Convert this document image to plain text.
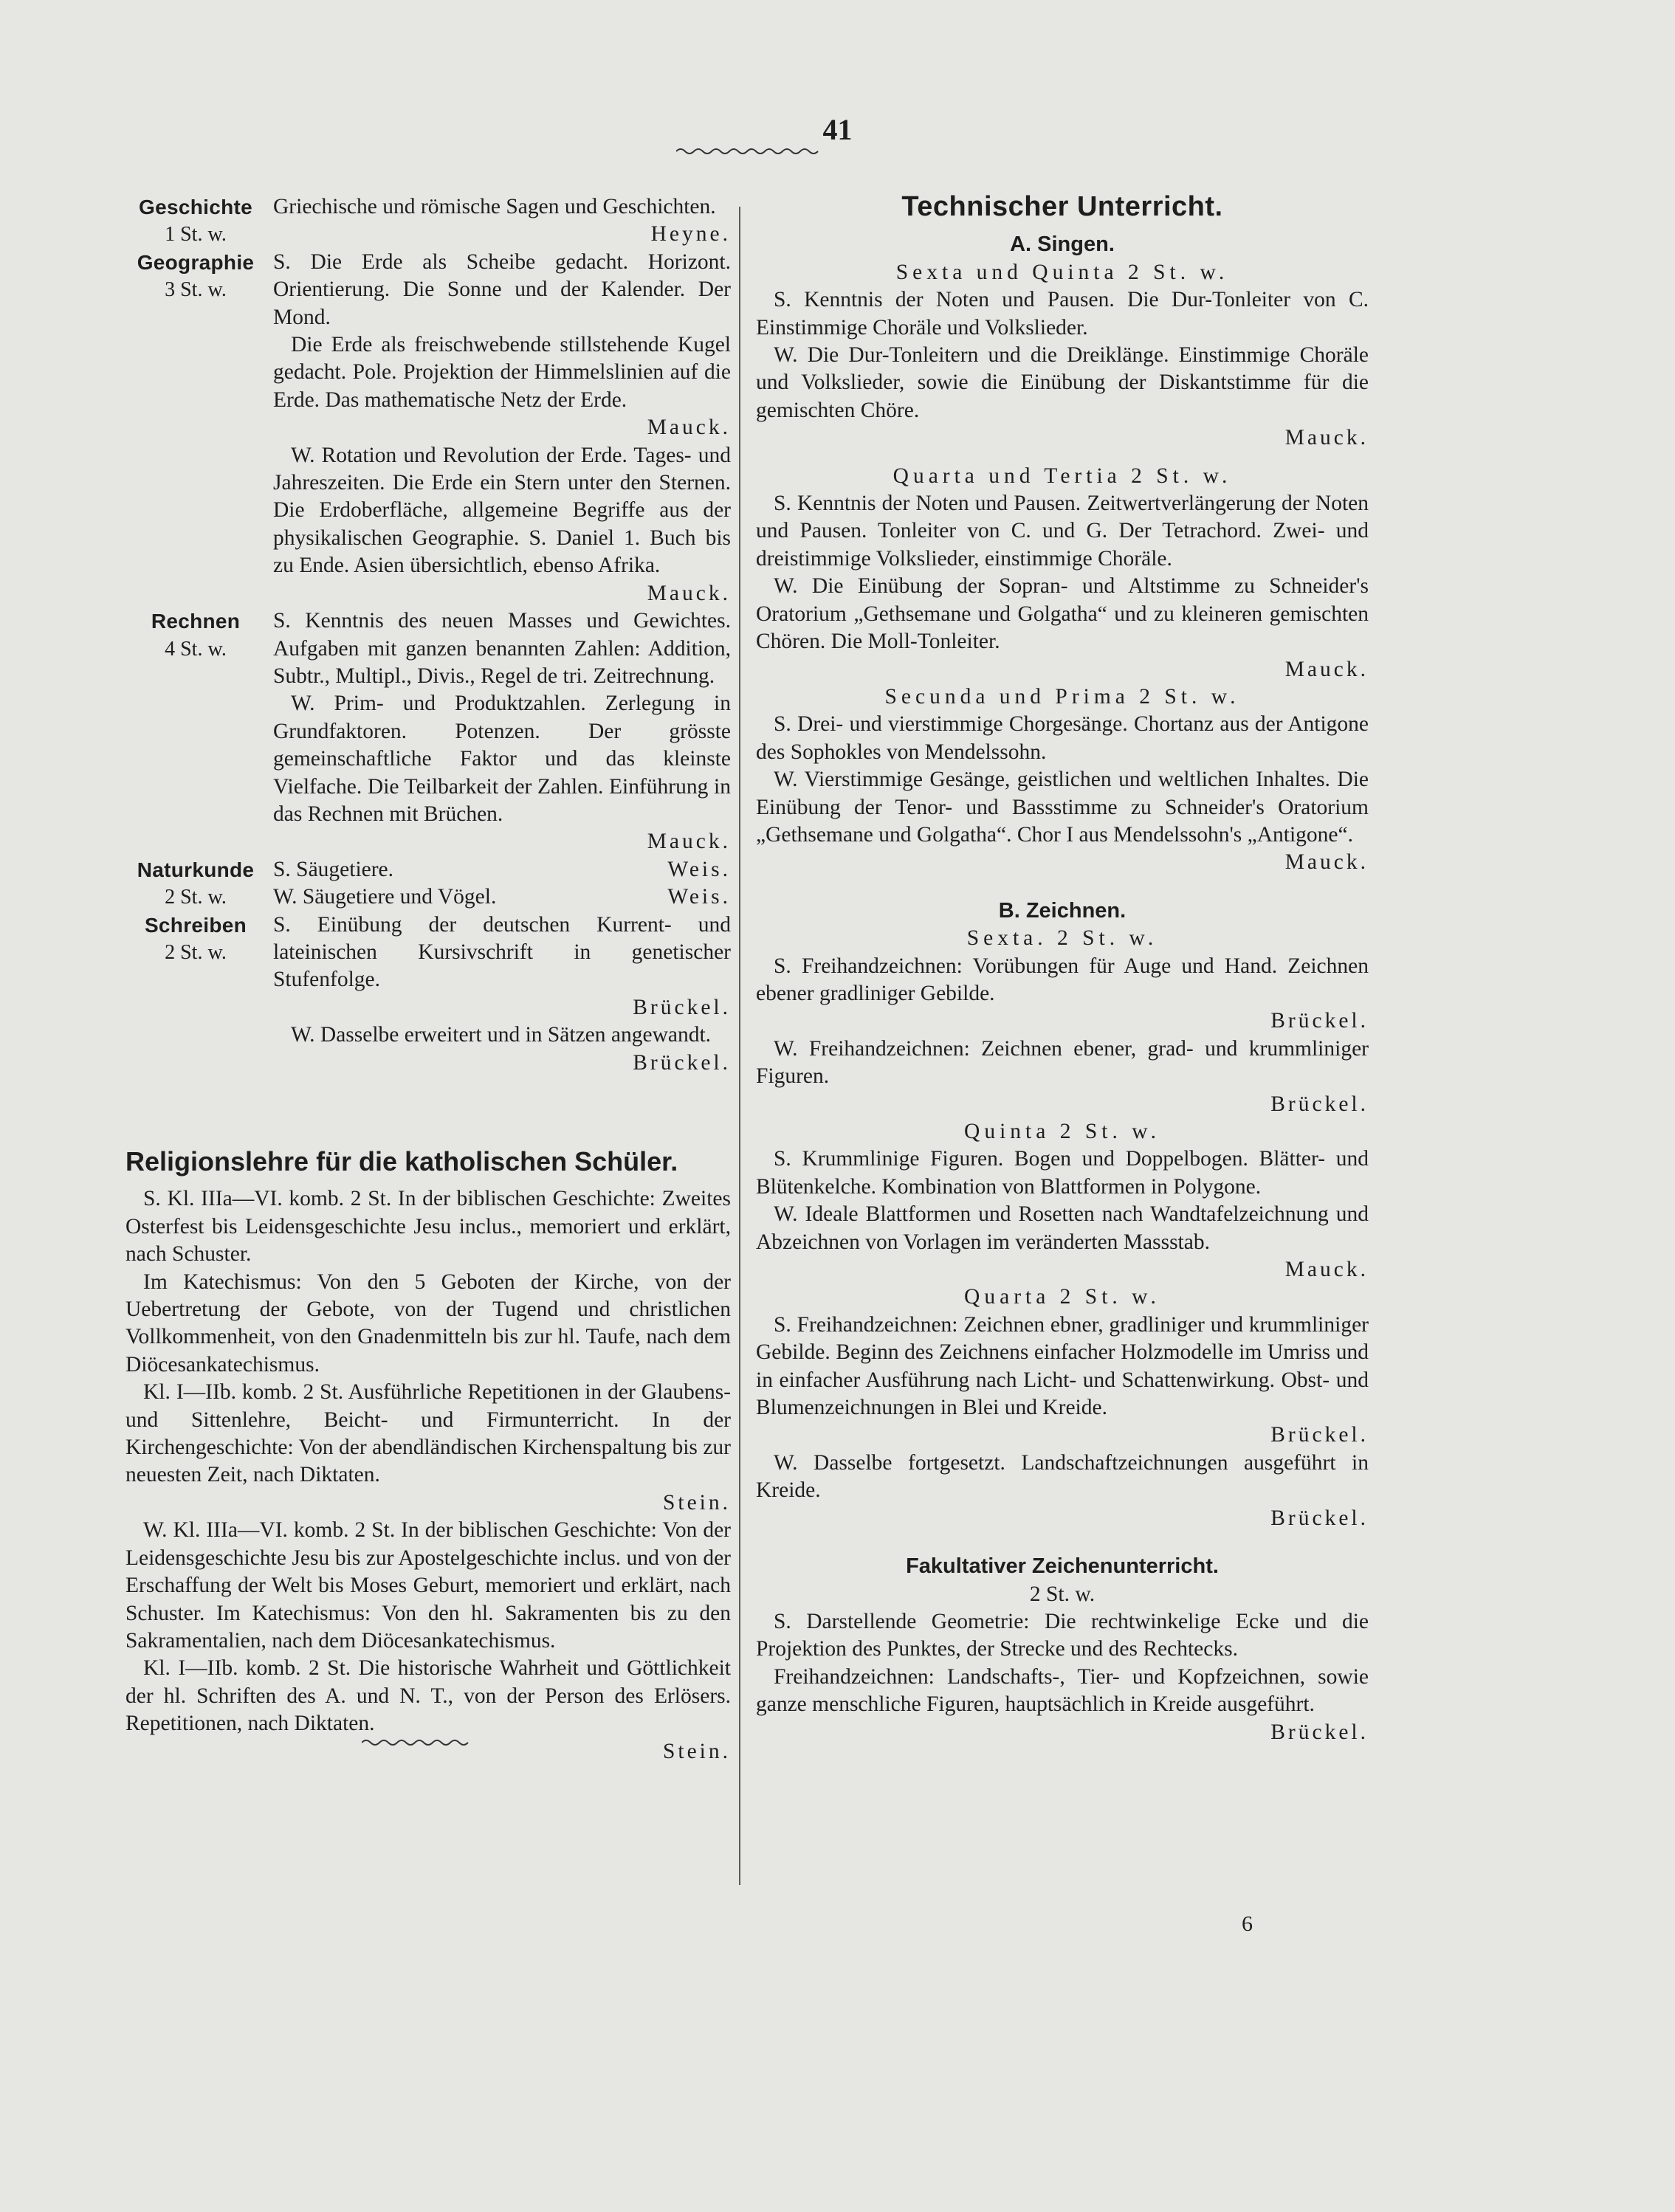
41
Geschichte
1 St. w.

Griechische und römische Sagen und Geschichten.
Heyne.

Geographie
3 St. w.

S. Die Erde als Scheibe gedacht. Horizont. Orientierung. Die Sonne und der Kalender. Der Mond.

Die Erde als freischwebende stillstehende Kugel gedacht. Pole. Projektion der Himmelslinien auf die Erde. Das mathematische Netz der Erde.
Mauck.

W. Rotation und Revolution der Erde. Tages- und Jahreszeiten. Die Erde ein Stern unter den Sternen. Die Erdoberfläche, allgemeine Begriffe aus der physikalischen Geographie. S. Daniel 1. Buch bis zu Ende. Asien übersichtlich, ebenso Afrika.
Mauck.

Rechnen
4 St. w.

S. Kenntnis des neuen Masses und Gewichtes. Aufgaben mit ganzen benannten Zahlen: Addition, Subtr., Multipl., Divis., Regel de tri. Zeitrechnung.

W. Prim- und Produktzahlen. Zerlegung in Grundfaktoren. Potenzen. Der grösste gemeinschaftliche Faktor und das kleinste Vielfache. Die Teilbarkeit der Zahlen. Einführung in das Rechnen mit Brüchen.
Mauck.

Naturkunde
2 St. w.

S. Säugetiere.	Weis.

W. Säugetiere und Vögel.	Weis.

Schreiben
2 St. w.

S. Einübung der deutschen Kurrent- und lateinischen Kursivschrift in genetischer Stufenfolge.
Brückel.

W. Dasselbe erweitert und in Sätzen angewandt.
Brückel.

Religionslehre für die katholischen Schüler.

S. Kl. IIIa—VI. komb. 2 St. In der biblischen Geschichte: Zweites Osterfest bis Leidensgeschichte Jesu inclus., memoriert und erklärt, nach Schuster.

Im Katechismus: Von den 5 Geboten der Kirche, von der Uebertretung der Gebote, von der Tugend und christlichen Vollkommenheit, von den Gnadenmitteln bis zur hl. Taufe, nach dem Diöcesankatechismus.

Kl. I—IIb. komb. 2 St. Ausführliche Repetitionen in der Glaubens- und Sittenlehre, Beicht- und Firmunterricht. In der Kirchengeschichte: Von der abendländischen Kirchenspaltung bis zur neuesten Zeit, nach Diktaten.
Stein.

W. Kl. IIIa—VI. komb. 2 St. In der biblischen Geschichte: Von der Leidensgeschichte Jesu bis zur Apostelgeschichte inclus. und von der Erschaffung der Welt bis Moses Geburt, memoriert und erklärt, nach Schuster. Im Katechismus: Von den hl. Sakramenten bis zu den Sakramentalien, nach dem Diöcesankatechismus.

Kl. I—IIb. komb. 2 St. Die historische Wahrheit und Göttlichkeit der hl. Schriften des A. und N. T., von der Person des Erlösers. Repetitionen, nach Diktaten.
Stein.

Technischer Unterricht.

A. Singen.

Sexta und Quinta 2 St. w.

S. Kenntnis der Noten und Pausen. Die Dur-Tonleiter von C. Einstimmige Choräle und Volkslieder.

W. Die Dur-Tonleitern und die Dreiklänge. Einstimmige Choräle und Volkslieder, sowie die Einübung der Diskantstimme für die gemischten Chöre.
Mauck.

Quarta und Tertia 2 St. w.

S. Kenntnis der Noten und Pausen. Zeitwertverlängerung der Noten und Pausen. Tonleiter von C. und G. Der Tetrachord. Zwei- und dreistimmige Volkslieder, einstimmige Choräle.

W. Die Einübung der Sopran- und Altstimme zu Schneider's Oratorium „Gethsemane und Golgatha“ und zu kleineren gemischten Chören. Die Moll-Tonleiter.
Mauck.

Secunda und Prima 2 St. w.

S. Drei- und vierstimmige Chorgesänge. Chortanz aus der Antigone des Sophokles von Mendelssohn.

W. Vierstimmige Gesänge, geistlichen und weltlichen Inhaltes. Die Einübung der Tenor- und Bassstimme zu Schneider's Oratorium „Gethsemane und Golgatha“. Chor I aus Mendelssohn's „Antigone“.
Mauck.

B. Zeichnen.

Sexta. 2 St. w.

S. Freihandzeichnen: Vorübungen für Auge und Hand. Zeichnen ebener gradliniger Gebilde.
Brückel.

W. Freihandzeichnen: Zeichnen ebener, grad- und krummliniger Figuren.
Brückel.

Quinta 2 St. w.

S. Krummlinige Figuren. Bogen und Doppelbogen. Blätter- und Blütenkelche. Kombination von Blattformen in Polygone.

W. Ideale Blattformen und Rosetten nach Wandtafelzeichnung und Abzeichnen von Vorlagen im veränderten Massstab.
Mauck.

Quarta 2 St. w.

S. Freihandzeichnen: Zeichnen ebner, gradliniger und krummliniger Gebilde. Beginn des Zeichnens einfacher Holzmodelle im Umriss und in einfacher Ausführung nach Licht- und Schattenwirkung. Obst- und Blumenzeichnungen in Blei und Kreide.
Brückel.

W. Dasselbe fortgesetzt. Landschaftzeichnungen ausgeführt in Kreide.
Brückel.

Fakultativer Zeichenunterricht.

2 St. w.

S. Darstellende Geometrie: Die rechtwinkelige Ecke und die Projektion des Punktes, der Strecke und des Rechtecks.

Freihandzeichnen: Landschafts-, Tier- und Kopfzeichnen, sowie ganze menschliche Figuren, hauptsächlich in Kreide ausgeführt.
Brückel.

6
